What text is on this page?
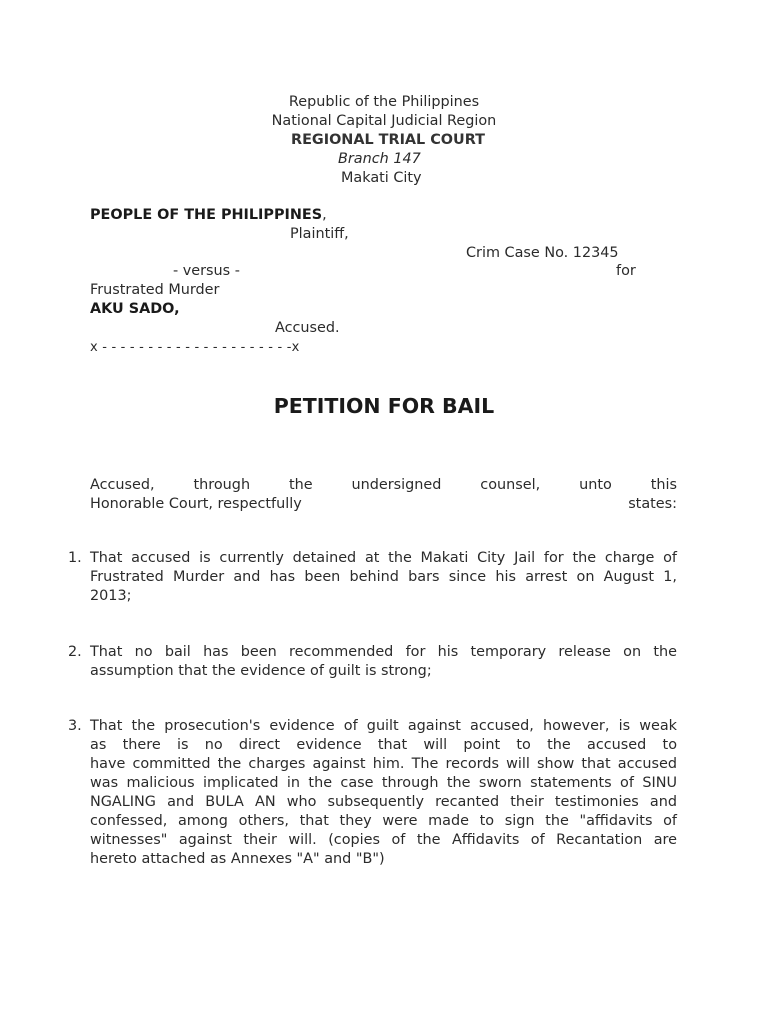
Republic of the Philippines
National Capital Judicial Region
REGIONAL TRIAL COURT
Branch 147
Makati City
PEOPLE OF THE PHILIPPINES,
Plaintiff,
Crim Case No. 12345
- versus -	for
Frustrated Murder
AKU SADO,
Accused.
x - - - - - - - - - - - - - - - - - - - - -x
PETITION FOR BAIL
Accused,	through	the	undersigned	counsel,	unto	this
Honorable Court, respectfully	states:
1. That accused is currently detained at the Makati City Jail for the charge of
Frustrated Murder and has been behind bars since his arrest on August 1,
2013;
2. That no bail has been recommended for his temporary release on the
assumption that the evidence of guilt is strong;
3. That the prosecution's evidence of guilt against accused, however, is weak
as there is no direct evidence that will point to the accused to
have committed the charges against him. The records will show that accused
was malicious implicated in the case through the sworn statements of SINU
NGALING and BULA AN who subsequently recanted their testimonies and
confessed, among others, that they were made to sign the "affidavits of
witnesses" against their will. (copies of the Affidavits of Recantation are
hereto attached as Annexes "A" and "B")
